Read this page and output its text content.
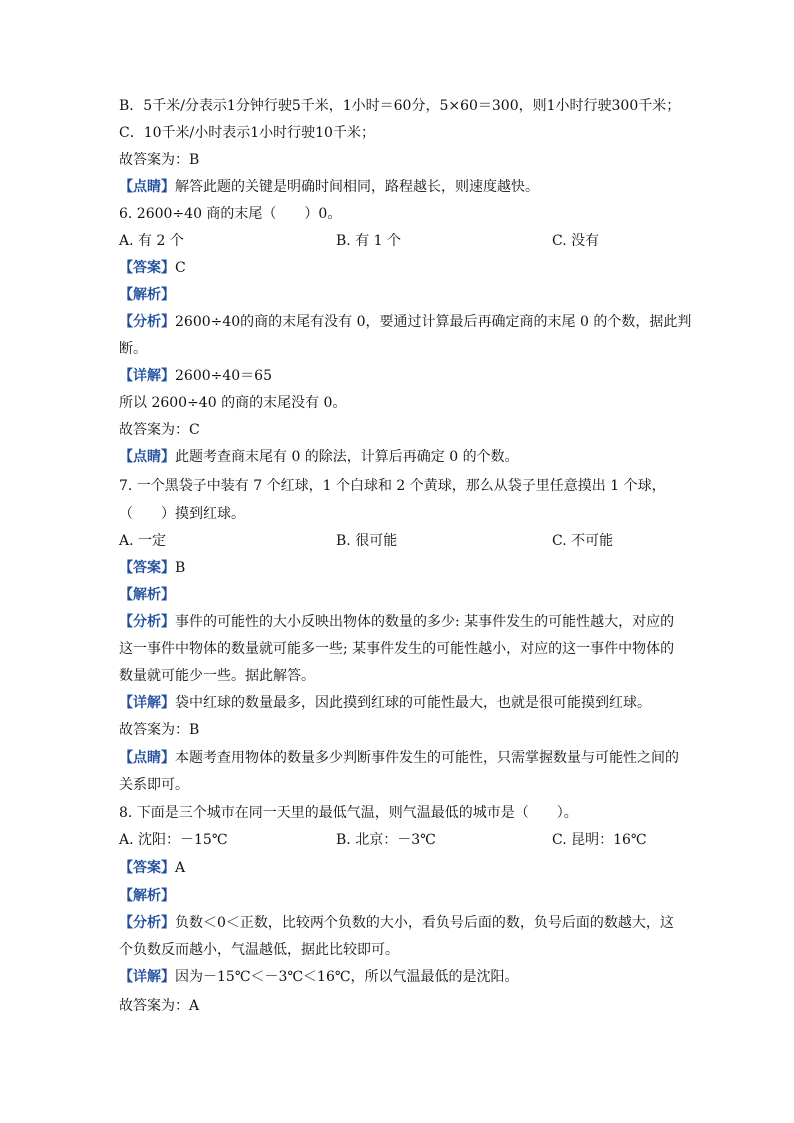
B．5千米/分表示1分钟行驶5千米，1小时＝60分，5×60＝300，则1小时行驶300千米；
C．10千米/小时表示1小时行驶10千米；
故答案为：B
【点睛】解答此题的关键是明确时间相同，路程越长，则速度越快。
6. 2600÷40 商的末尾（　　）0。
A. 有 2 个	B. 有 1 个	C. 没有
【答案】C
【解析】
【分析】2600÷40的商的末尾有没有 0，要通过计算最后再确定商的末尾 0 的个数，据此判
断。
【详解】2600÷40＝65
所以 2600÷40 的商的末尾没有 0。
故答案为：C
【点睛】此题考查商末尾有 0 的除法，计算后再确定 0 的个数。
7. 一个黑袋子中装有 7 个红球，1 个白球和 2 个黄球，那么从袋子里任意摸出 1 个球，
（　　）摸到红球。
A. 一定	B. 很可能	C. 不可能
【答案】B
【解析】
【分析】事件的可能性的大小反映出物体的数量的多少: 某事件发生的可能性越大，对应的
这一事件中物体的数量就可能多一些; 某事件发生的可能性越小，对应的这一事件中物体的
数量就可能少一些。据此解答。
【详解】袋中红球的数量最多，因此摸到红球的可能性最大，也就是很可能摸到红球。
故答案为：B
【点睛】本题考查用物体的数量多少判断事件发生的可能性，只需掌握数量与可能性之间的
关系即可。
8. 下面是三个城市在同一天里的最低气温，则气温最低的城市是（　　）。
A. 沈阳：－15℃	B. 北京：－3℃	C. 昆明：16℃
【答案】A
【解析】
【分析】负数＜0＜正数，比较两个负数的大小，看负号后面的数，负号后面的数越大，这
个负数反而越小，气温越低，据此比较即可。
【详解】因为－15℃＜－3℃＜16℃，所以气温最低的是沈阳。
故答案为：A
